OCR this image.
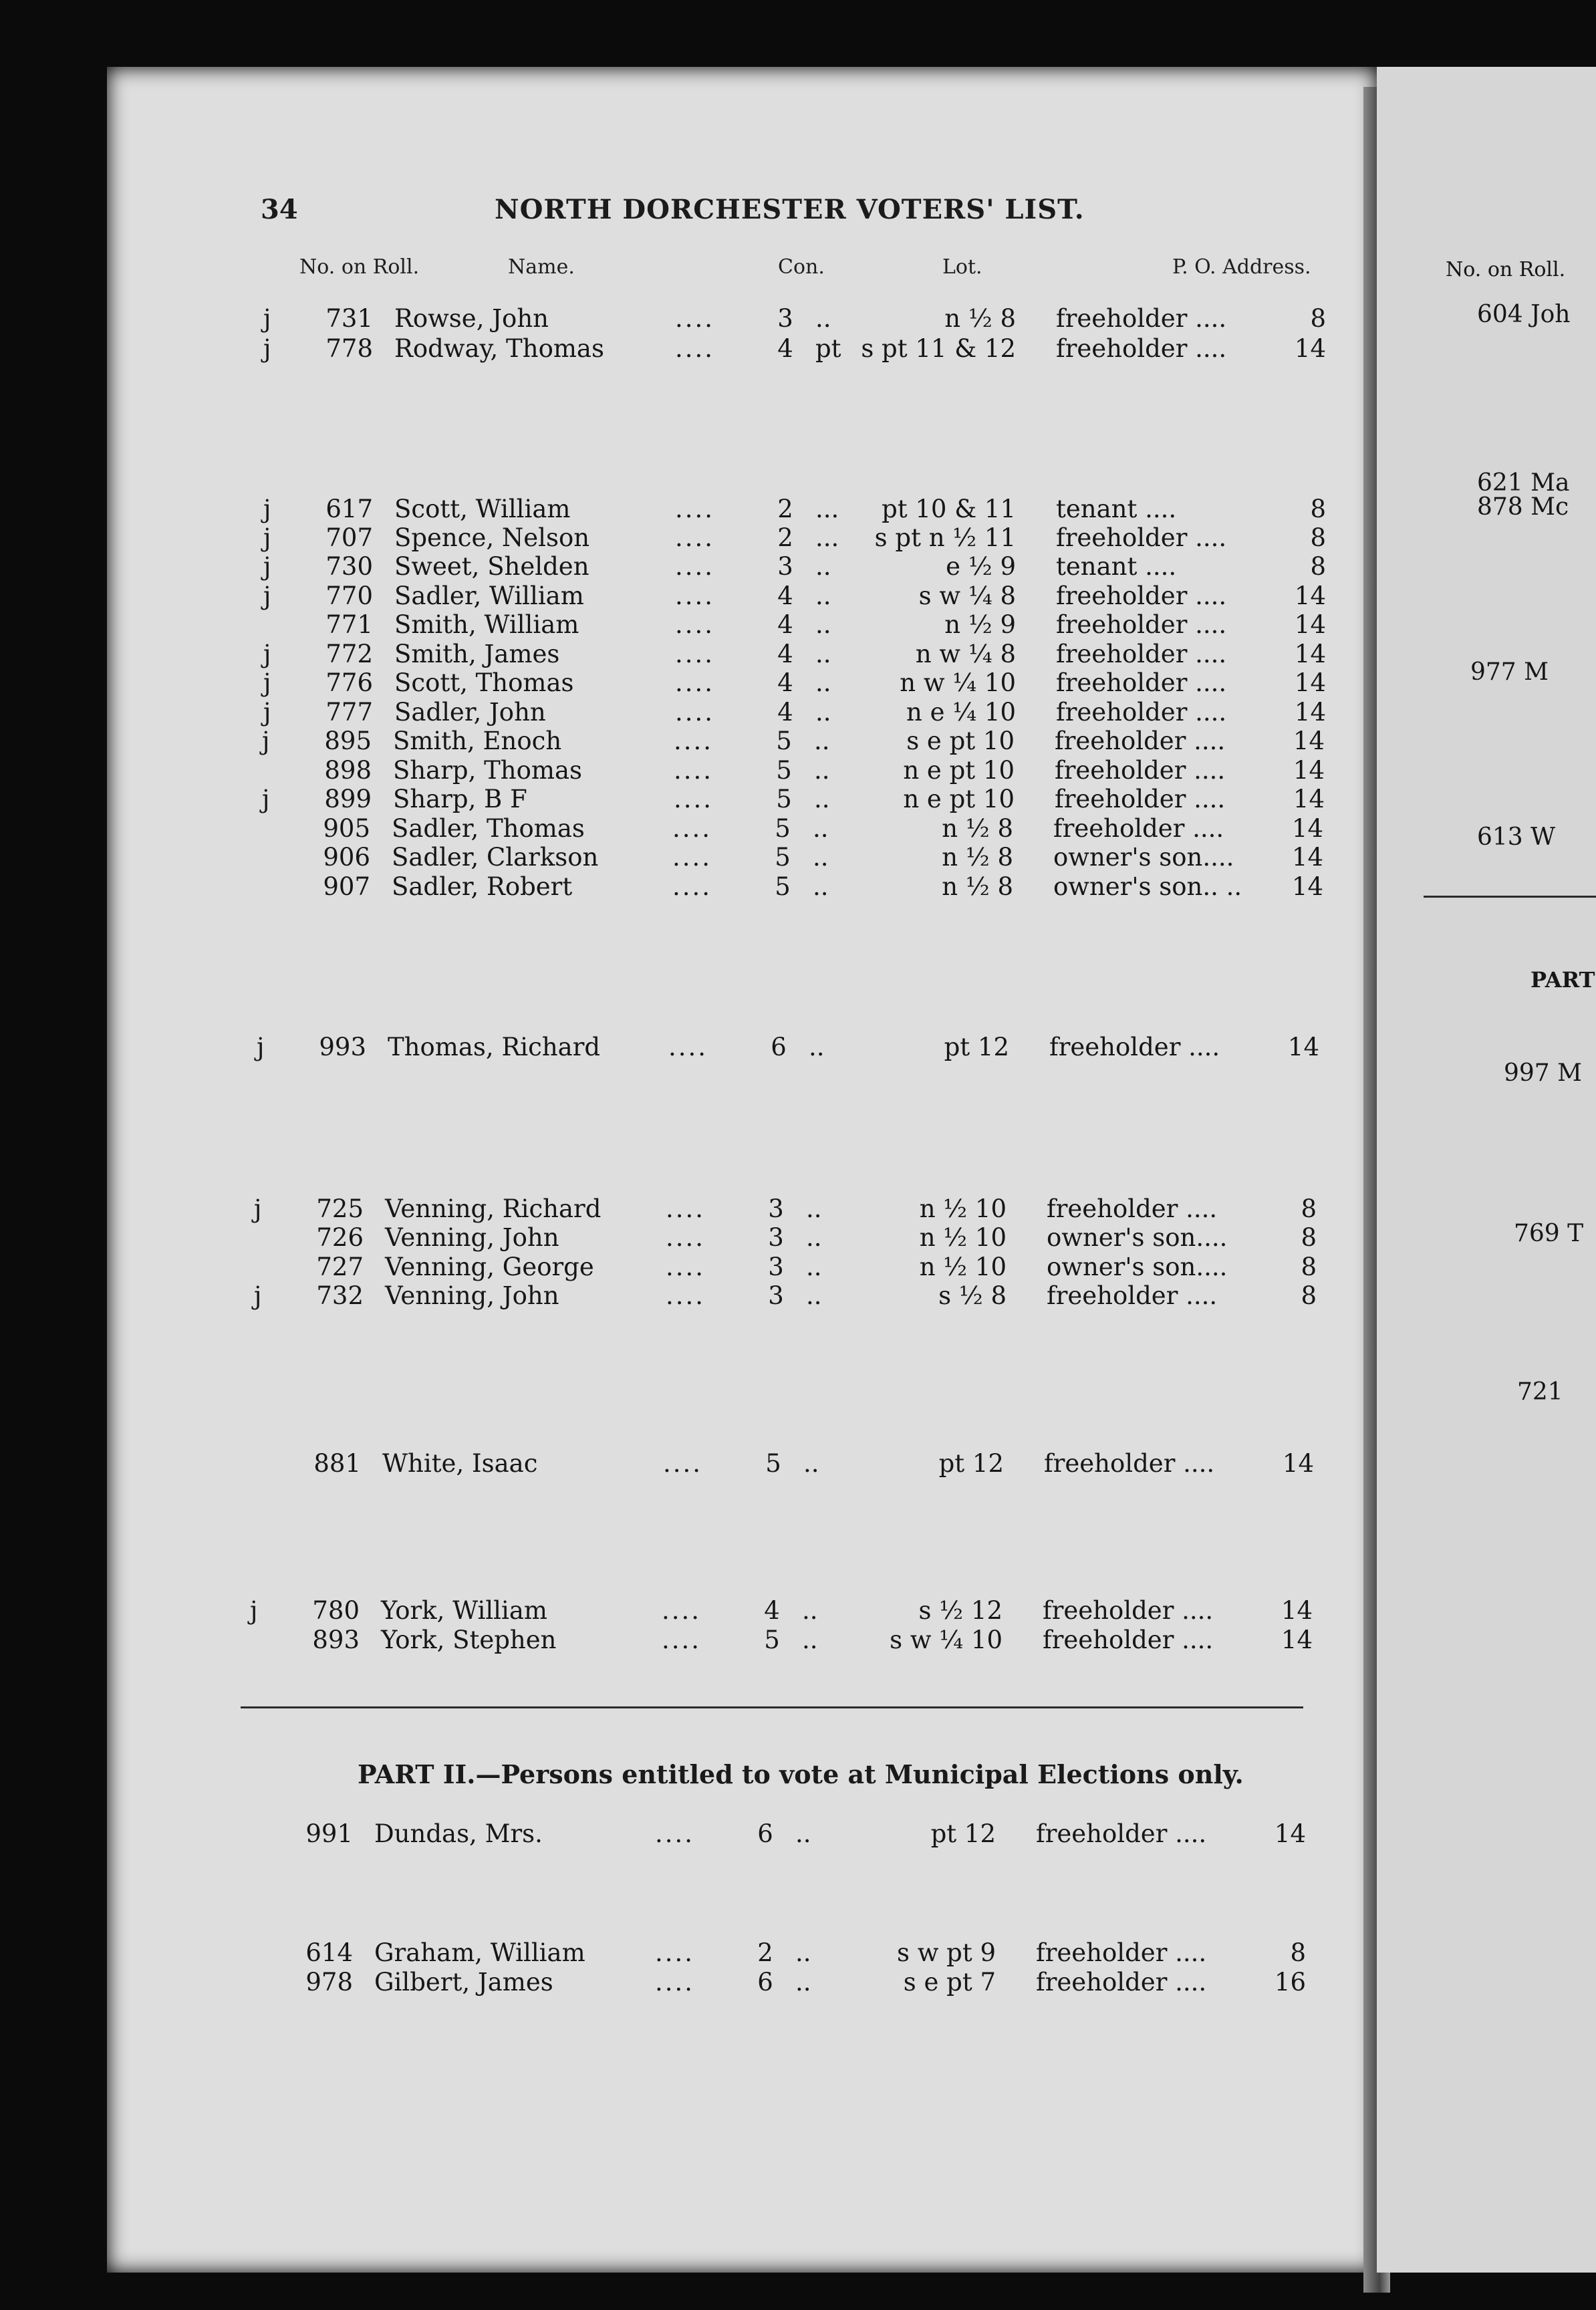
34	NORTH DORCHESTER VOTERS' LIST.
No. on Roll.	Name.	Con.	Lot.	P. O. Address.
j 731 Rowse, John	....	3 ..	n ½ 8 freeholder ....	8
j 778 Rodway, Thomas	....	4 pt s pt 11 & 12 freeholder ....	14
j 617 Scott, William	....	2 ...	pt 10 & 11 tenant ....	8
j 707 Spence, Nelson	....	2 ...	s pt n ½ 11 freeholder ....	8
j 730 Sweet, Shelden	....	3 ..	e ½ 9 tenant ....	8
j 770 Sadler, William	....	4 ..	s w ¼ 8 freeholder ....	14
771 Smith, William	....	4 ..	n ½ 9 freeholder ....	14
j 772 Smith, James	....	4 ..	n w ¼ 8 freeholder ....	14
j 776 Scott, Thomas	....	4 ..	n w ¼ 10 freeholder ....	14
j 777 Sadler, John	....	4 ..	n e ¼ 10 freeholder ....	14
j 895 Smith, Enoch	....	5 ..	s e pt 10 freeholder ....	14
898 Sharp, Thomas	....	5 ..	n e pt 10 freeholder ....	14
j 899 Sharp, B F	....	5 ..	n e pt 10 freeholder ....	14
905 Sadler, Thomas	....	5 ..	n ½ 8 freeholder ....	14
906 Sadler, Clarkson	....	5 ..	n ½ 8 owner's son....	14
907 Sadler, Robert	....	5 ..	n ½ 8 owner's son.. ..	14
j 993 Thomas, Richard	....	6 ..	pt 12 freeholder ....	14
j 725 Venning, Richard	....	3 ..	n ½ 10 freeholder ....	8
726 Venning, John	....	3 ..	n ½ 10 owner's son....	8
727 Venning, George	....	3 ..	n ½ 10 owner's son....	8
j 732 Venning, John	....	3 ..	s ½ 8 freeholder ....	8
881 White, Isaac	....	5 ..	pt 12 freeholder ....	14
j 780 York, William	....	4 ..	s ½ 12 freeholder ....	14
893 York, Stephen	....	5 ..	s w ¼ 10 freeholder ....	14
PART II.—Persons entitled to vote at Municipal Elections only.
991 Dundas, Mrs.	....	6 ..	pt 12 freeholder ....	14
614 Graham, William	....	2 ..	s w pt 9 freeholder ....	8
978 Gilbert, James	....	6 ..	s e pt 7 freeholder ....	16
No. on Roll.
604 Joh
621 Ma
878 Mc
977 M
613 W
PART
997 M
769 T
721
